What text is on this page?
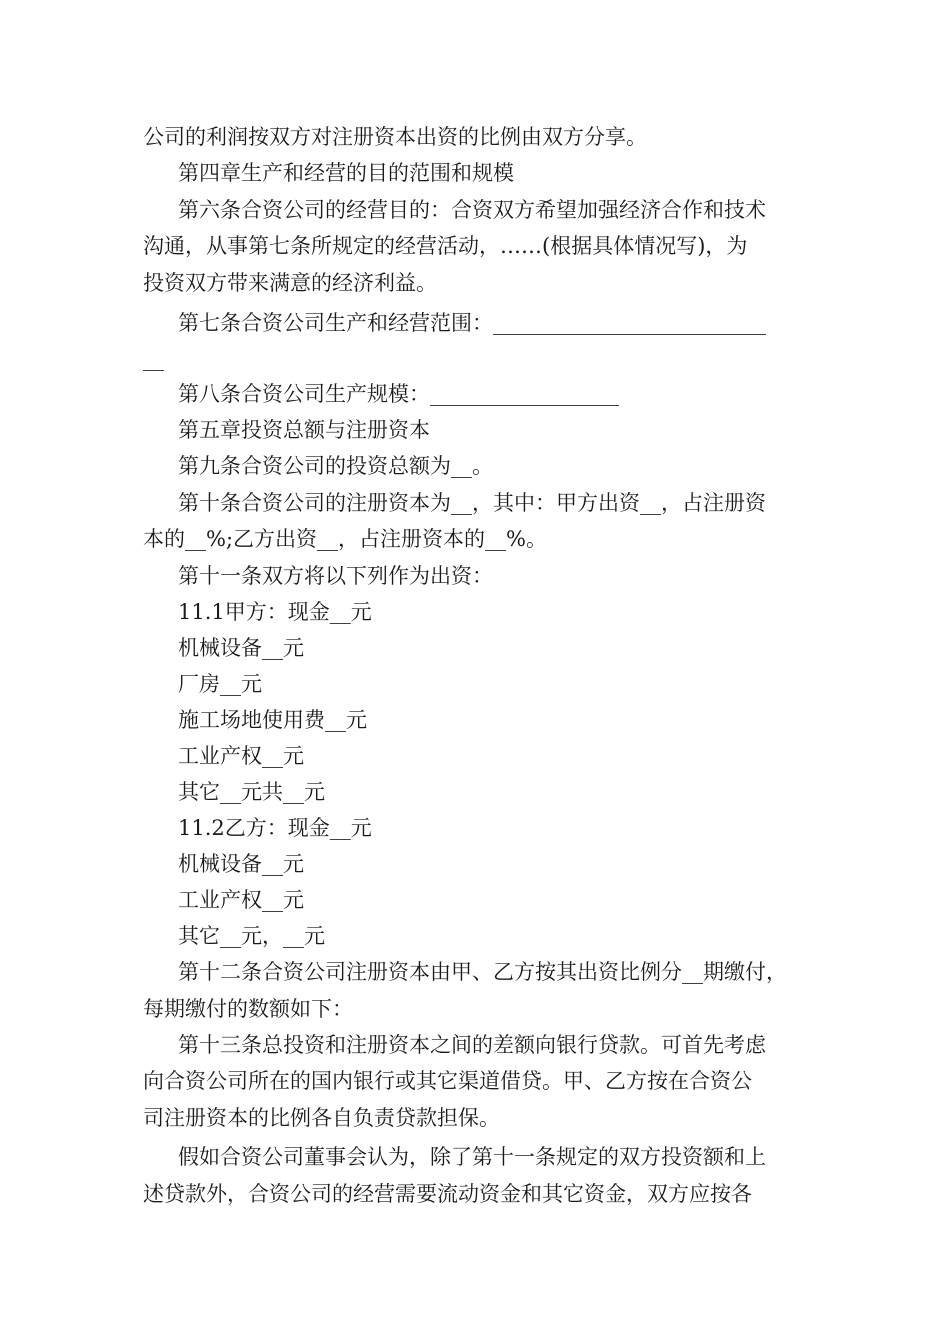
公司的利润按双方对注册资本出资的比例由双方分享。
第四章生产和经营的目的范围和规模
第六条合资公司的经营目的：合资双方希望加强经济合作和技术
沟通，从事第七条所规定的经营活动，……(根据具体情况写)，为
投资双方带来满意的经济利益。
第七条合资公司生产和经营范围：__________________________
__
第八条合资公司生产规模：__________________
第五章投资总额与注册资本
第九条合资公司的投资总额为__。
第十条合资公司的注册资本为__，其中：甲方出资__，占注册资
本的__%;乙方出资__，占注册资本的__%。
第十一条双方将以下列作为出资：
11.1甲方：现金__元
机械设备__元
厂房__元
施工场地使用费__元
工业产权__元
其它__元共__元
11.2乙方：现金__元
机械设备__元
工业产权__元
其它__元，__元
第十二条合资公司注册资本由甲、乙方按其出资比例分__期缴付，
每期缴付的数额如下：
第十三条总投资和注册资本之间的差额向银行贷款。可首先考虑
向合资公司所在的国内银行或其它渠道借贷。甲、乙方按在合资公
司注册资本的比例各自负责贷款担保。
假如合资公司董事会认为，除了第十一条规定的双方投资额和上
述贷款外，合资公司的经营需要流动资金和其它资金，双方应按各
